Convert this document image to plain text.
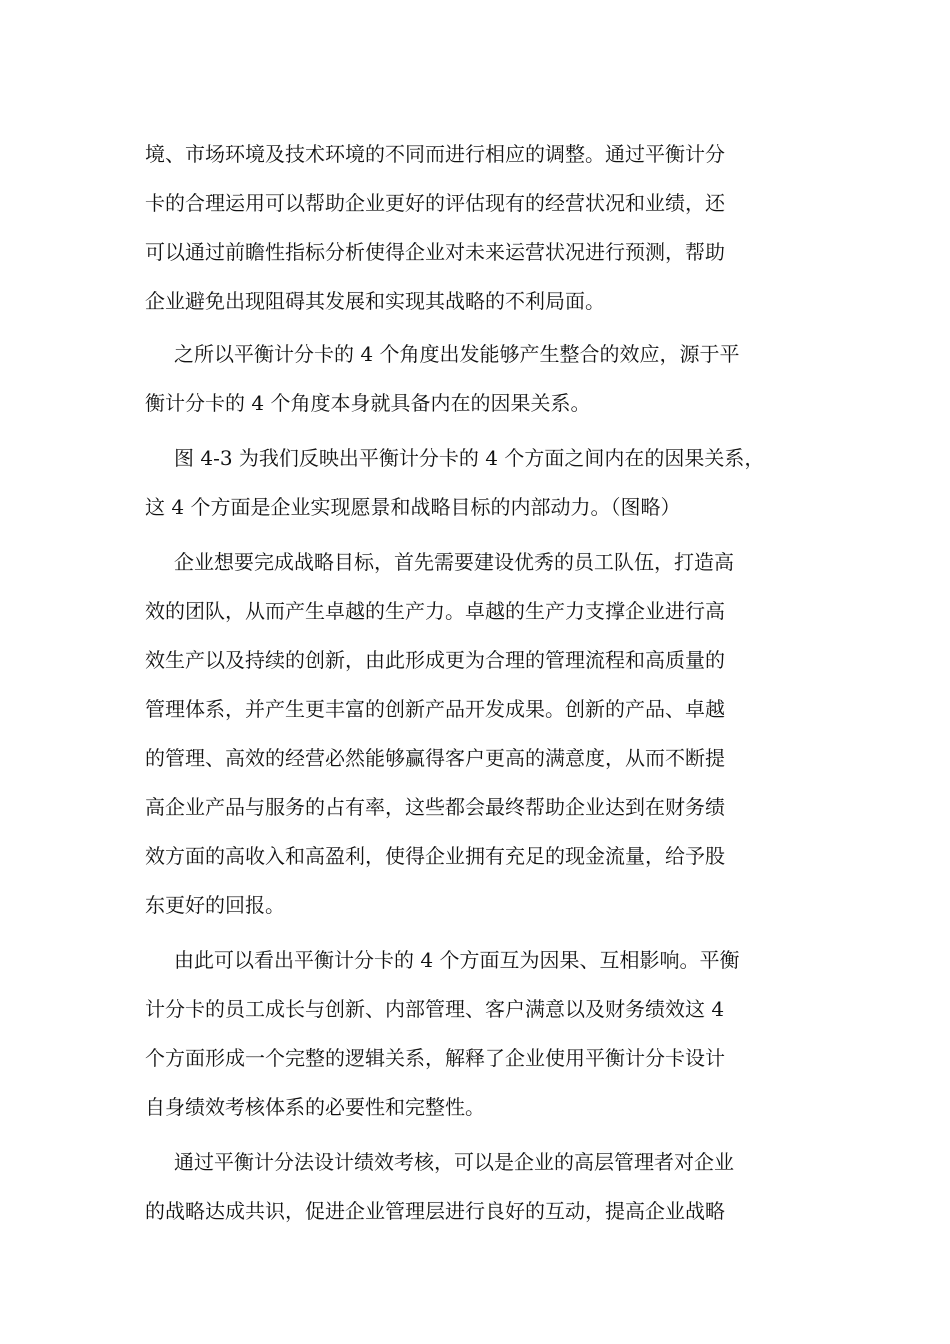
境、市场环境及技术环境的不同而进行相应的调整。通过平衡计分
卡的合理运用可以帮助企业更好的评估现有的经营状况和业绩，还
可以通过前瞻性指标分析使得企业对未来运营状况进行预测，帮助
企业避免出现阻碍其发展和实现其战略的不利局面。
之所以平衡计分卡的 4 个角度出发能够产生整合的效应，源于平
衡计分卡的 4 个角度本身就具备内在的因果关系。
图 4-3 为我们反映出平衡计分卡的 4 个方面之间内在的因果关系，
这 4 个方面是企业实现愿景和战略目标的内部动力。（图略）
企业想要完成战略目标，首先需要建设优秀的员工队伍，打造高
效的团队，从而产生卓越的生产力。卓越的生产力支撑企业进行高
效生产以及持续的创新，由此形成更为合理的管理流程和高质量的
管理体系，并产生更丰富的创新产品开发成果。创新的产品、卓越
的管理、高效的经营必然能够赢得客户更高的满意度，从而不断提
高企业产品与服务的占有率，这些都会最终帮助企业达到在财务绩
效方面的高收入和高盈利，使得企业拥有充足的现金流量，给予股
东更好的回报。
由此可以看出平衡计分卡的 4 个方面互为因果、互相影响。平衡
计分卡的员工成长与创新、内部管理、客户满意以及财务绩效这 4
个方面形成一个完整的逻辑关系，解释了企业使用平衡计分卡设计
自身绩效考核体系的必要性和完整性。
通过平衡计分法设计绩效考核，可以是企业的高层管理者对企业
的战略达成共识，促进企业管理层进行良好的互动，提高企业战略
